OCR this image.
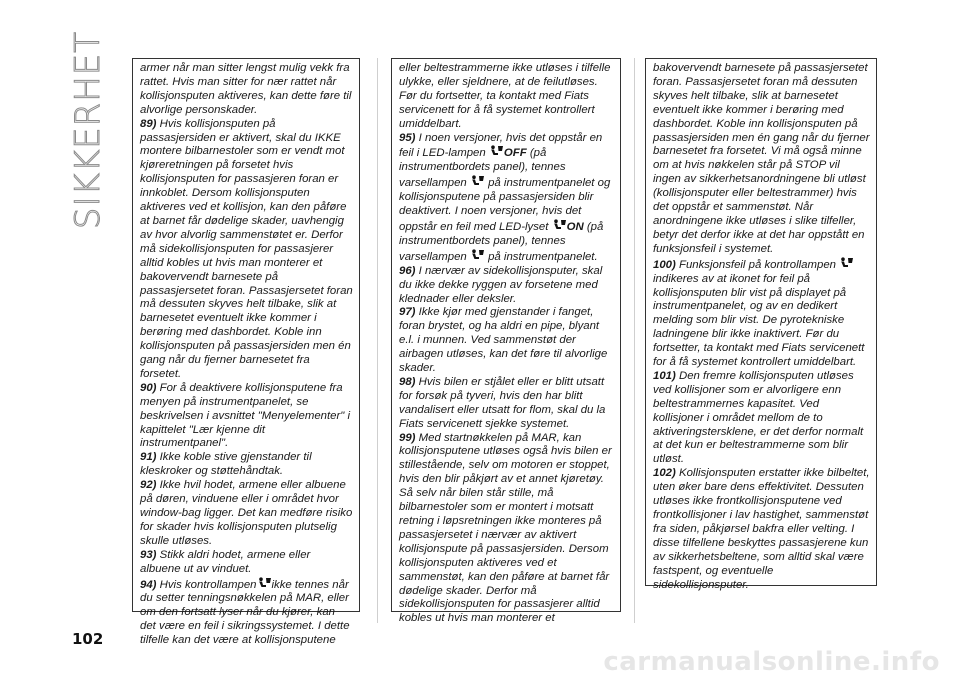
SIKKERHET	armer når man sitter lengst mulig vekk fra rattet. Hvis man sitter for nær rattet når kollisjonsputen aktiveres, kan dette føre til alvorlige personskader.

89) Hvis kollisjonsputen på passasjersiden er aktivert, skal du IKKE montere bilbarnestoler som er vendt mot kjøreretningen på forsetet hvis kollisjonsputen for passasjeren foran er innkoblet. Dersom kollisjonsputen aktiveres ved et kollisjon, kan den påføre at barnet får dødelige skader, uavhengig av hvor alvorlig sammenstøtet er. Derfor må sidekollisjonsputen for passasjerer alltid kobles ut hvis man monterer et bakovervendt barnesete på passasjersetet foran. Passasjersetet foran må dessuten skyves helt tilbake, slik at barnesetet eventuelt ikke kommer i berøring med dashbordet. Koble inn kollisjonsputen på passasjersiden men én gang når du fjerner barnesetet fra forsetet.

90) For å deaktivere kollisjonsputene fra menyen på instrumentpanelet, se beskrivelsen i avsnittet "Menyelementer" i kapittelet "Lær kjenne dit instrumentpanel".

91) Ikke koble stive gjenstander til kleskroker og støttehåndtak.

92) Ikke hvil hodet, armene eller albuene på døren, vinduene eller i området hvor window-bag ligger. Det kan medføre risiko for skader hvis kollisjonsputen plutselig skulle utløses.

93) Stikk aldri hodet, armene eller albuene ut av vinduet.

94) Hvis kontrollampen ikke tennes når du setter tenningsnøkkelen på MAR, eller om den fortsatt lyser når du kjører, kan det være en feil i sikringssystemet. I dette tilfelle kan det være at kollisjonsputene

eller beltestrammerne ikke utløses i tilfelle ulykke, eller sjeldnere, at de feilutløses. Før du fortsetter, ta kontakt med Fiats servicenett for å få systemet kontrollert umiddelbart.

95) I noen versjoner, hvis det oppstår en feil i LED-lampen OFF (på instrumentbordets panel), tennes varsellampen på instrumentpanelet og kollisjonsputene på passasjersiden blir deaktivert. I noen versjoner, hvis det oppstår en feil med LED-lyset ON (på instrumentbordets panel), tennes varsellampen på instrumentpanelet.

96) I nærvær av sidekollisjonsputer, skal du ikke dekke ryggen av forsetene med klednader eller deksler.

97) Ikke kjør med gjenstander i fanget, foran brystet, og ha aldri en pipe, blyant e.l. i munnen. Ved sammenstøt der airbagen utløses, kan det føre til alvorlige skader.

98) Hvis bilen er stjålet eller er blitt utsatt for forsøk på tyveri, hvis den har blitt vandalisert eller utsatt for flom, skal du la Fiats servicenett sjekke systemet.

99) Med startnøkkelen på MAR, kan kollisjonsputene utløses også hvis bilen er stillestående, selv om motoren er stoppet, hvis den blir påkjørt av et annet kjøretøy. Så selv når bilen står stille, må bilbarnestoler som er montert i motsatt retning i løpsretningen ikke monteres på passasjersetet i nærvær av aktivert kollisjonspute på passasjersiden. Dersom kollisjonsputen aktiveres ved et sammenstøt, kan den påføre at barnet får dødelige skader. Derfor må sidekollisjonsputen for passasjerer alltid kobles ut hvis man monterer et

bakovervendt barnesete på passasjersetet foran. Passasjersetet foran må dessuten skyves helt tilbake, slik at barnesetet eventuelt ikke kommer i berøring med dashbordet. Koble inn kollisjonsputen på passasjersiden men én gang når du fjerner barnesetet fra forsetet. Vi må også minne om at hvis nøkkelen står på STOP vil ingen av sikkerhetsanordningene bli utløst (kollisjonsputer eller beltestrammer) hvis det oppstår et sammenstøt. Når anordningene ikke utløses i slike tilfeller, betyr det derfor ikke at det har oppstått en funksjonsfeil i systemet.

100) Funksjonsfeil på kontrollampen
indikeres av at ikonet for feil på kollisjonsputen blir vist på displayet på instrumentpanelet, og av en dedikert melding som blir vist. De pyrotekniske ladningene blir ikke inaktivert. Før du fortsetter, ta kontakt med Fiats servicenett for å få systemet kontrollert umiddelbart.

101) Den fremre kollisjonsputen utløses ved kollisjoner som er alvorligere enn beltestrammernes kapasitet. Ved kollisjoner i området mellom de to aktiveringstersklene, er det derfor normalt at det kun er beltestrammerne som blir utløst.

102) Kollisjonsputen erstatter ikke bilbeltet, uten øker bare dens effektivitet. Dessuten utløses ikke frontkollisjonsputene ved frontkollisjoner i lav hastighet, sammenstøt fra siden, påkjørsel bakfra eller velting. I disse tilfellene beskyttes passasjerene kun av sikkerhetsbeltene, som alltid skal være fastspent, og eventuelle sidekollisjonsputer.

102
carmanualsonline.info
